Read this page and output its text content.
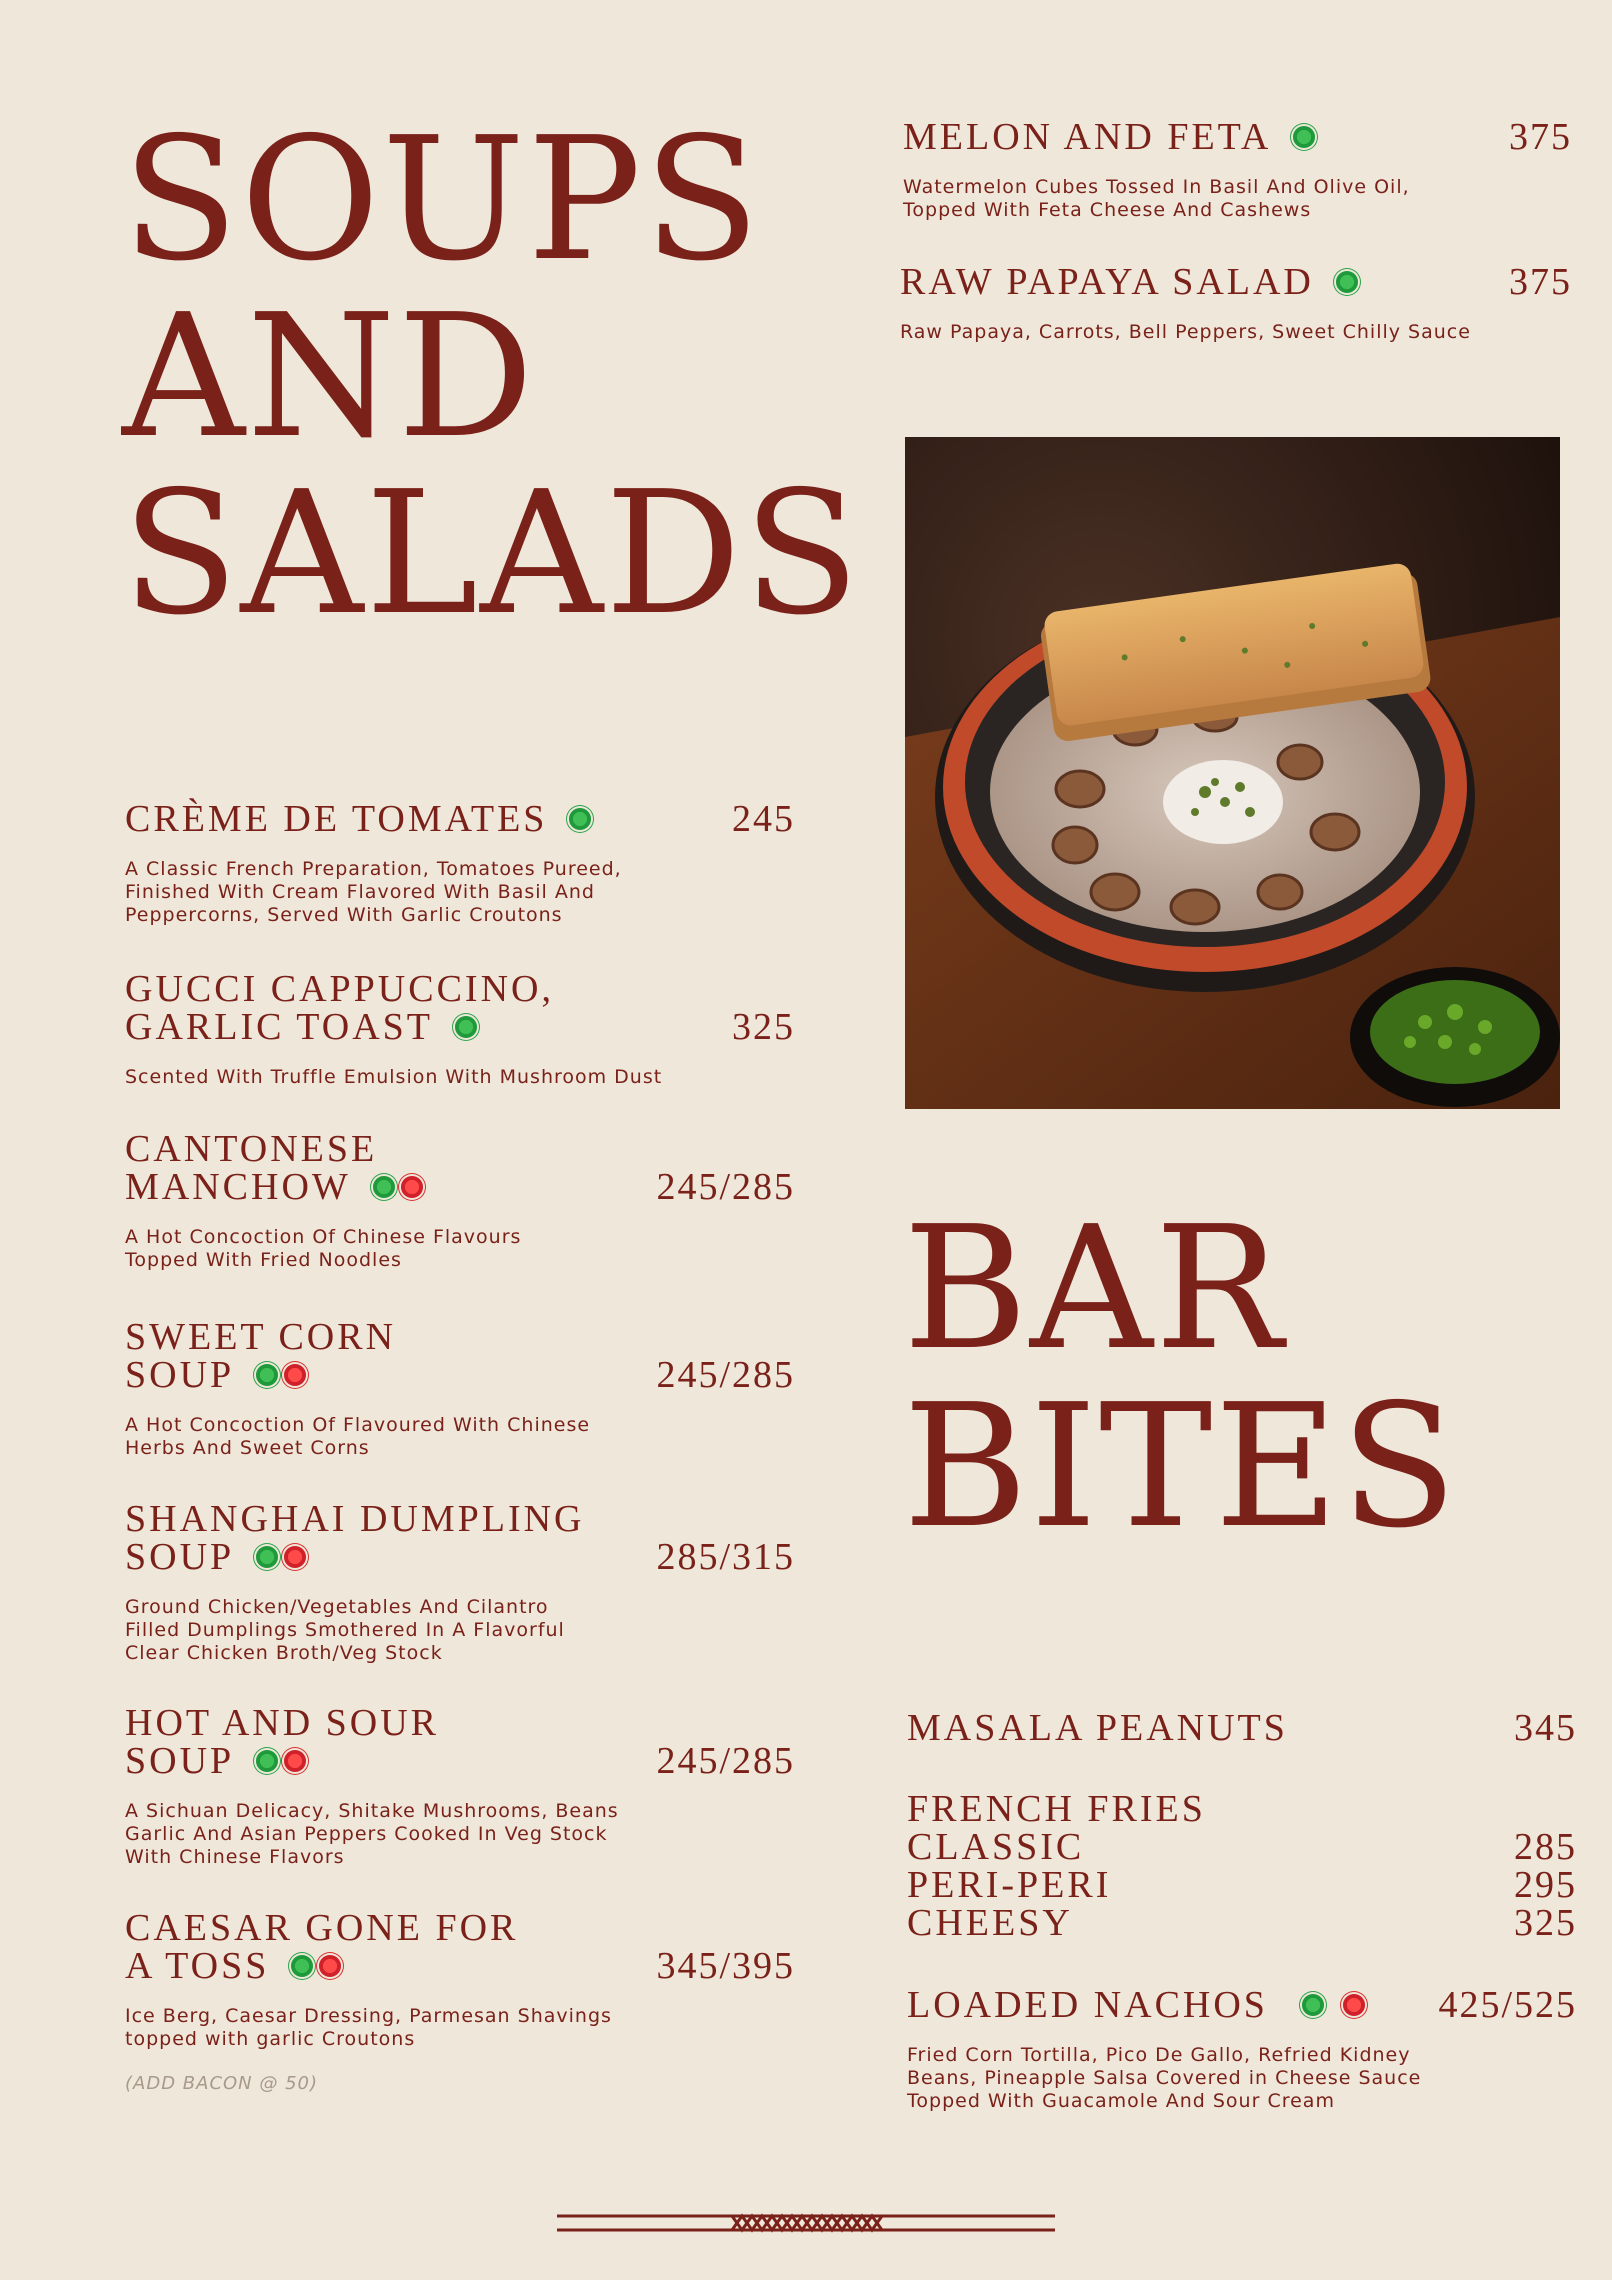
SOUPS
AND
SALADS

CRÈME DE TOMATES	245

A Classic French Preparation, Tomatoes Pureed,

Finished With Cream Flavored With Basil And

Peppercorns, Served With Garlic Croutons

GUCCI CAPPUCCINO,

GARLIC TOAST	325

Scented With Truffle Emulsion With Mushroom Dust

CANTONESE

MANCHOW	245/285

A Hot Concoction Of Chinese Flavours

Topped With Fried Noodles

SWEET CORN

SOUP	245/285

A Hot Concoction Of Flavoured With Chinese

Herbs And Sweet Corns

SHANGHAI DUMPLING

SOUP	285/315

Ground Chicken/Vegetables And Cilantro

Filled Dumplings Smothered In A Flavorful

Clear Chicken Broth/Veg Stock

HOT AND SOUR

SOUP	245/285

A Sichuan Delicacy, Shitake Mushrooms, Beans

Garlic And Asian Peppers Cooked In Veg Stock

With Chinese Flavors

CAESAR GONE FOR

A TOSS	345/395

Ice Berg, Caesar Dressing, Parmesan Shavings

topped with garlic Croutons

(ADD BACON @ 50)

MELON AND FETA	375

Watermelon Cubes Tossed In Basil And Olive Oil,

Topped With Feta Cheese And Cashews

RAW PAPAYA SALAD	375

Raw Papaya, Carrots, Bell Peppers, Sweet Chilly Sauce

BAR
BITES

MASALA PEANUTS	345

FRENCH FRIES

CLASSIC	285

PERI-PERI	295

CHEESY	325

LOADED NACHOS	425/525

Fried Corn Tortilla, Pico De Gallo, Refried Kidney

Beans, Pineapple Salsa Covered in Cheese Sauce

Topped With Guacamole And Sour Cream
